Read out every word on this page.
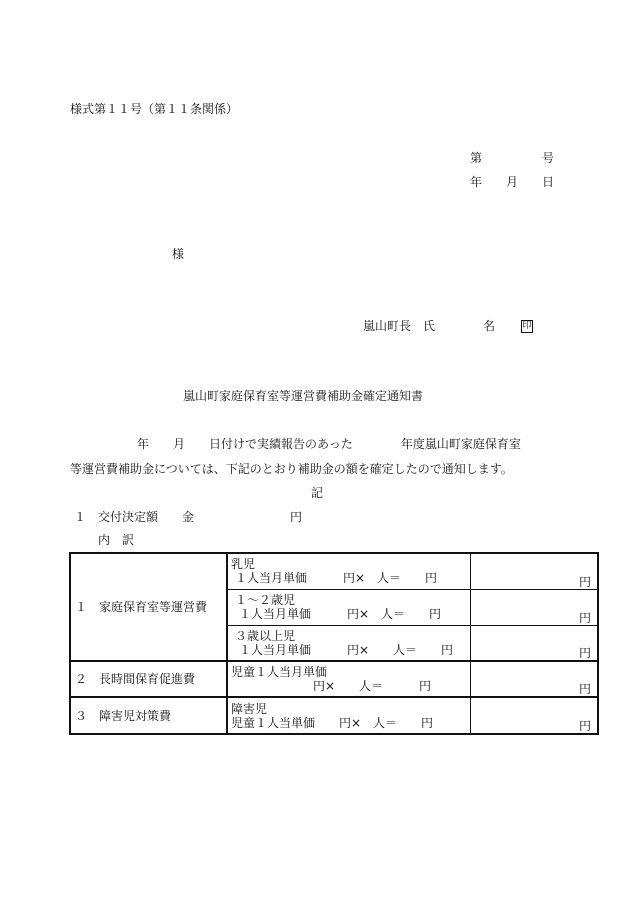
様式第１１号（第１１条関係）
第　　　　　号
年　　月　　日
様
嵐山町長　氏　　　　名	印
嵐山町家庭保育室等運営費補助金確定通知書
年　　月　　日付けで実績報告のあった　　　　年度嵐山町家庭保育室
等運営費補助金については、下記のとおり補助金の額を確定したので通知します。
記
１　交付決定額　　金　　　　　　　　円
内　訳
１　家庭保育室等運営費	乳児
１人当月単価　　　円×　人＝　　円	円

	１～２歳児
１人当月単価　　　円×　人＝　　円	円

	３歳以上児
１人当月単価　　　円×　　人＝　　円	円
２　長時間保育促進費	児童１人当月単価
円×　　人＝　　　円	円
３　障害児対策費	障害児
児童１人当単価　　円×　人＝　　円	円
